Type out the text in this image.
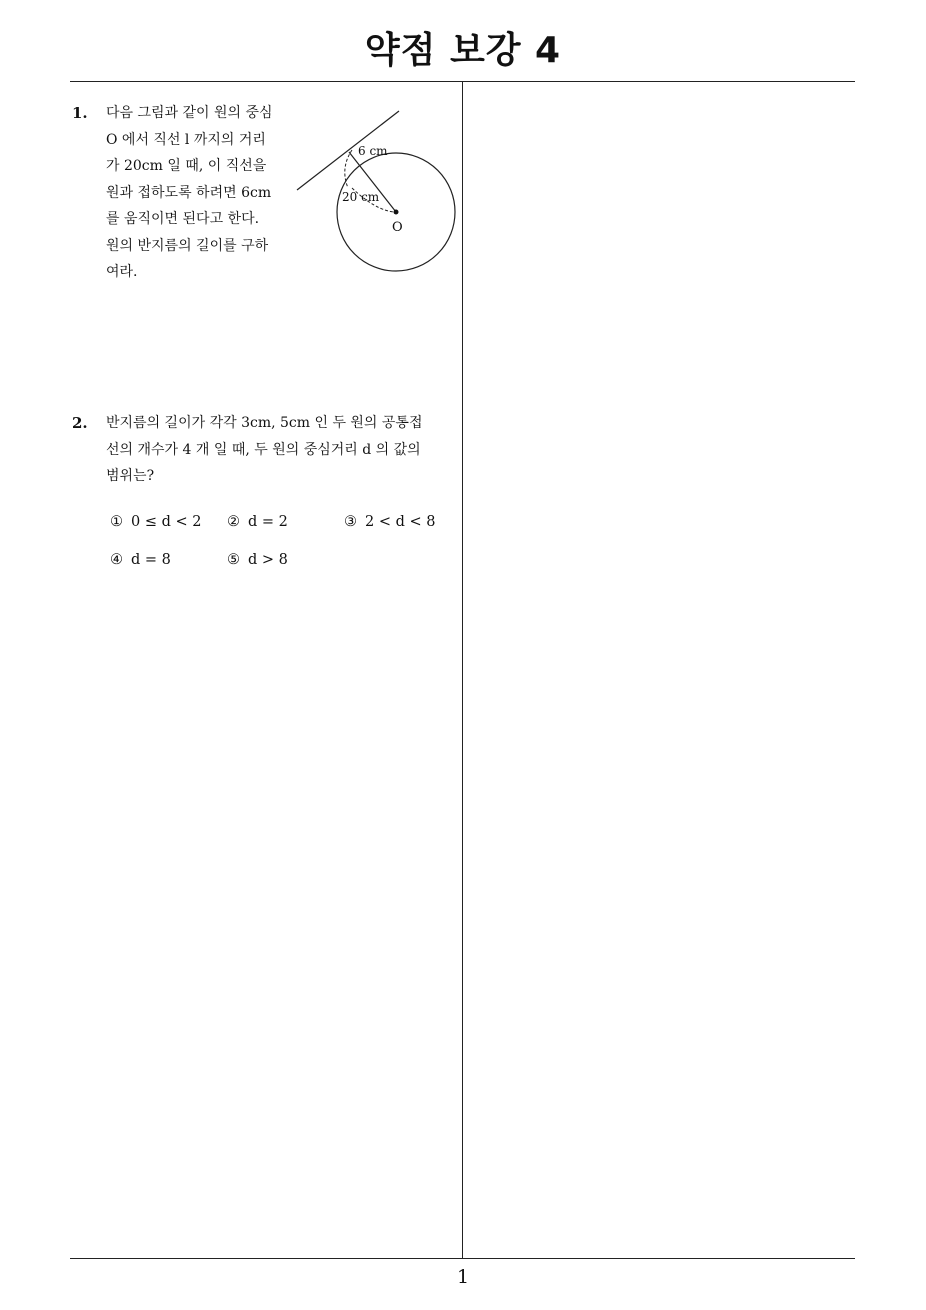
약점 보강 4
1. 다음 그림과 같이 원의 중심
O 에서 직선 l 까지의 거리
가 20cm 일 때, 이 직선을
원과 접하도록 하려면 6cm
를 움직이면 된다고 한다.
원의 반지름의 길이를 구하
여라.
6 cm
20 cm
O
2. 반지름의 길이가 각각 3cm, 5cm 인 두 원의 공통접
선의 개수가 4 개 일 때, 두 원의 중심거리 d 의 값의
범위는?
① 0 ≤ d < 2 ② d = 2	③ 2 < d < 8
④ d = 8	⑤ d > 8
1
